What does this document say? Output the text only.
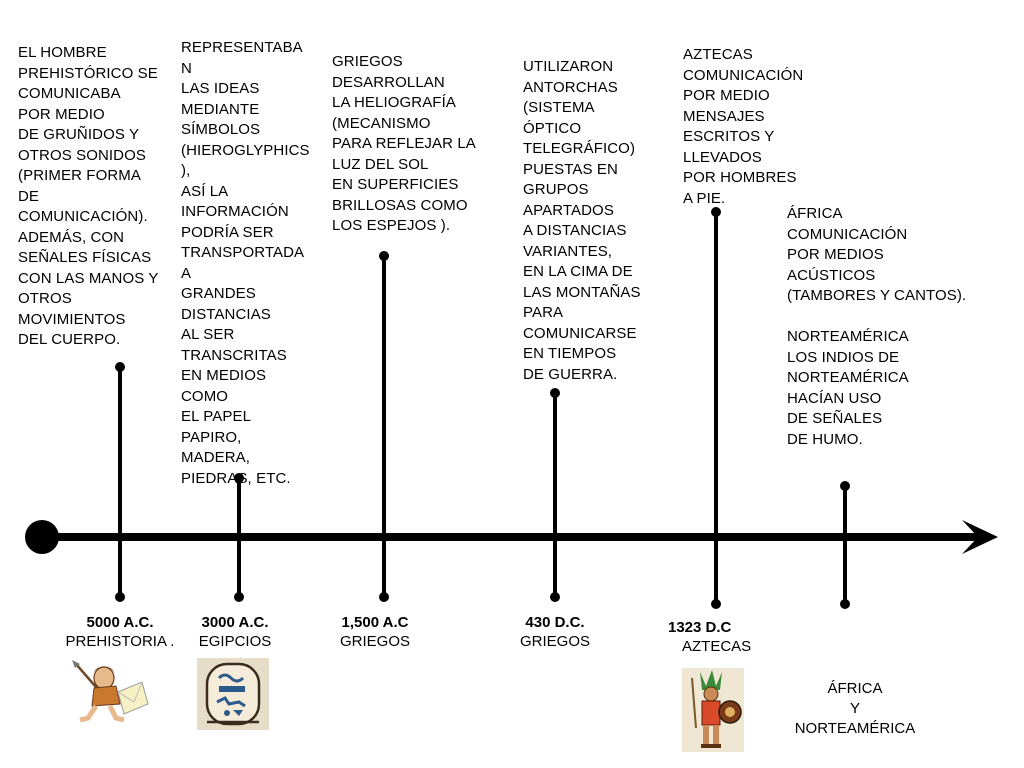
EL HOMBRE
PREHISTÓRICO SE
COMUNICABA
POR MEDIO
DE GRUÑIDOS Y
OTROS SONIDOS
(PRIMER FORMA
DE
COMUNICACIÓN).
ADEMÁS, CON
SEÑALES FÍSICAS
CON LAS MANOS Y
OTROS
MOVIMIENTOS
DEL CUERPO.
REPRESENTABA
N
LAS IDEAS
MEDIANTE
SÍMBOLOS
(HIEROGLYPHICS
),
ASÍ LA
INFORMACIÓN
PODRÍA SER
TRANSPORTADA
A
GRANDES
DISTANCIAS
AL SER
TRANSCRITAS
EN MEDIOS
COMO
EL PAPEL
PAPIRO,
MADERA,
PIEDRAS, ETC.
GRIEGOS
DESARROLLAN
LA HELIOGRAFÍA
(MECANISMO
PARA REFLEJAR LA
LUZ DEL SOL
EN SUPERFICIES
BRILLOSAS COMO
LOS ESPEJOS ).
UTILIZARON
ANTORCHAS
(SISTEMA
ÓPTICO
TELEGRÁFICO)
PUESTAS EN
GRUPOS
APARTADOS
A DISTANCIAS
VARIANTES,
EN LA CIMA DE
LAS MONTAÑAS
PARA
COMUNICARSE
EN TIEMPOS
DE GUERRA.
AZTECAS
COMUNICACIÓN
POR MEDIO
MENSAJES
ESCRITOS Y
LLEVADOS
POR HOMBRES
A PIE.
ÁFRICA
COMUNICACIÓN
POR MEDIOS
ACÚSTICOS
(TAMBORES Y CANTOS).

NORTEAMÉRICA
LOS INDIOS DE
NORTEAMÉRICA
HACÍAN USO
DE SEÑALES
DE HUMO.
5000 A.C.
PREHISTORIA .
3000 A.C.
EGIPCIOS
1,500 A.C
GRIEGOS
430 D.C.
GRIEGOS
1323 D.C
AZTECAS

ÁFRICA
Y
NORTEAMÉRICA
